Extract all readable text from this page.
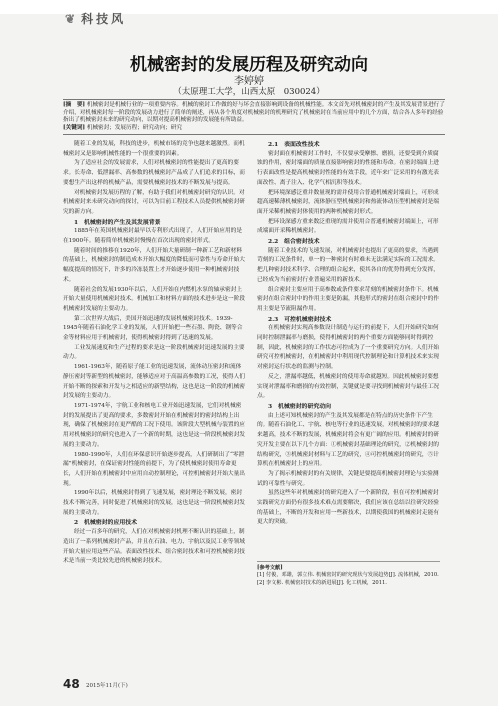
❦ 科技风
机械密封的发展历程及研究动向
李婷婷
（太原理工大学，山西太原　030024）
[摘　要] 机械密封是机械行业的一项重要内容。机械的密封工作做的好与坏会直接影响到设备的机械性能。本文首先对机械密封的产生及其发展背景进行了介绍，对机械密封每一阶段的发展动力进行了简单的阐述，再从各个角度对机械密封的机理研究了机械密封在当前应用中的几个方面，结合各人多年的经验指出了机械密封未来的研究动向，以期对提高机械密封的发展能有所助益。
[关键词] 机械密封；发展历程；研究动向；研究

随着工业的发展，科技的进步，机械市场的竞争也越来越激烈。而机械密封又是影响机械性能的一个很重要的因素。

为了适应社会的发展需求，人们对机械密封的性能提出了更高的要求。长寿命、低泄漏率、高参数的机械密封产品成了人们追求的目标，而要想生产出这样的机械产品，需要机械密封技术的不断发展与提高。

对机械密封发展历程的了解，有助于我们对机械密封研究的认识。对机械密封来未研究动向的探讨，可以为目前工程技术人员提供机械密封研究的新方向。

1　机械密封的产生及其发展背景

1885年在英国机械密封最早以专利形式出现了，人们开始应用的是在1900年。随着简单机械密封慢慢在首次出现的密封形式。

随着时间的推移在1920年，人们开始大量研制一种新工艺和新材料的基础上，机械密封的制造成本开始大幅度的降低而可靠性与寿命开始大幅度提高的情况下，许多的冷冻装置上才开始逐步使用一种机械密封技术。

随着社会的发展1930年以后，人们开始在内燃机水泵的轴承密封上开始大量使用机械密封技术。机械加工和材料方面的技术进步是这一阶段机械密封发展的主要动力。

第二次世界大战后，美国开始迅速的发展机械密封技术。1939-1945年随着石油化学工业的发展，人们开始把一些石墨、陶瓷、钢等合金等材料应用于机械密封，使得机械密封得到了迅速的发展。

工业发展速度和生产过程的要求是这一阶段机械密封迅速发展的主要动力。

1961-1963年，随着原子能工业的迅速发展，流体动压密封和流体静压密封等新型的机械密封，能够适应对于高温高参数的工况，使得人们开始不断的探索和开发与之相适应的新型结构，这也是这一阶段的机械密封发展的主要动力。

1971-1974年，宇航工业和核电工业开始迅速发展，它们对机械密封的发展提出了更高的要求，多数密封开始在机械密封的密封结构上出现，确保了机械密封在更严酷的工况下使用。该阶段大型机械与装置的应用对机械密封的研究也进入了一个新的时期，这也是这一阶段机械密封发展的主要动力。

1980-1990年，人们在环保意识开始逐步提高，人们研制出了“零泄漏”机械密封，在保证密封性能的前提下，为了使机械密封使用寿命更长，人们开始在机械密封中应用自动控制理论，可控机械密封开始大量出现。

1990年以后，机械密封得到了飞速发展，密封理论不断发展，密封技术不断完善，同时促进了机械密封的发展，这也是这一阶段机械密封发展的主要动力。

2　机械密封的应用技术

经过一百多年的研究，人们在对机械密封机理不断认识的基础上，制造出了一系列机械密封产品，并且在石油、电力、宇航以及民工业等领域开始大量应用这些产品。表面改性技术、组合密封技术和可控机械密封技术是当前一类比较先进的机械密封技术。

2.1　表面改性技术

密封面在机械密封工作时，不仅要承受摩擦、磨损，还要受到介质腐蚀的作用，密封端面的质量直接影响密封的性能和寿命。在密封端面上进行表面改性是提高机械密封性能的有效手段，近年来广泛采用的有激光表面改性、离子注入、化学气相沉积等技术。

把环境深感泛重并数量现的需并使用合普通机械密封端面上，可形成超高速稀薄机械密封，流体静压型机械密封和热流体动压型机械密封是端面开采稀机械密封体使用的两种机械密封形式。

把环设深感方重来数泛重现的需并使用合普通机械密封端面上，可形成端面开采稀机械密封。

2.2　组合密封技术

随着工业技术的飞速发展，对机械密封也提出了更高的要求，当遇到苛刻的工况条件时，单一的一种密封有时难未无法满足实际的工况需求。把几种密封技术科学、合理的组合起来，使其各自的优势得到充分发挥，已经成为当前密封行业普遍采用的新技术。

组合密封主要应用于高参数或条件要求苛刻的机械密封条件下。机械密封在组合密封中的作用主要是防漏，其他形式的密封在组合密封中的作用主要是节流阻漏作用。

2.3　可控机械密封技术

在机械密封实现高参数设计制造与运行的前提下，人们开始研究如何同时控制泄漏率与磨损，使得机械密封的两个重要方面能够同时得到控制，因此，机械密封的工作状态可控成为了一个重要研究方向。人们开始研究可控机械密封，在机械密封中利用现代控制理论和计算机技术来实现对密封运行状态的监测与控制。

反之，泄漏率越低，机械密封的使用寿命就越短。因此机械密封要想实现对泄漏率和磨损的有效控制，关键就是要寻找到机械密封与最佳工况点。

3　机械密封的研究动向

由上述可知机械密封的产生及其发展都是在特点的历史条件下产生的。随着石油化工、宇航、核电等行业的迅速发展，对机械密封的要求越来越高，技术不断的发展，机械密封将会有更广阔的应用。机械密封的研究开发主要在以下几个方面：①机械密封基础理论的研究，②机械密封的结构研究，③机械密封材料与工艺的研究，④可控机械密封的研究，⑤计算机在机械密封上的应用。

为了揭示机械密封的有关规律，关键是要提高机械密封理论与实验测试的可靠性与研究。

虽然这些年对机械密封的研究进入了一个新阶段，但在可控机械密封实践研究方面仍有很多技术难点需要解决，我们应该在总结以往研究经验的基础上，不断的开发和应用一些新技术，以期使我国的机械密封走能有更大的突破。

[参考文献]
[1] 付俊，邓雄，郭立伟. 机械密封的研究现状与发展趋势[J]. 流体机械，2010.
[2] 李文彬. 机械密封技术的新进展[J]. 化工机械，2011.
48 2015年11月(下)
